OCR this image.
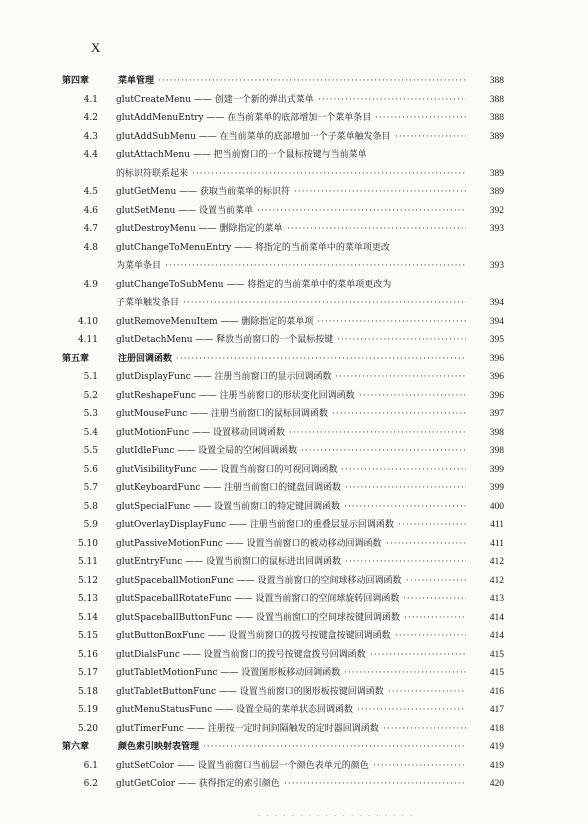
X
第四章	菜单管理	388
·····
4.1 glutCreateMenu —— 创建一个新的弹出式菜单	388
·····
4.2 glutAddMenuEntry —— 在当前菜单的底部增加一个菜单条目	388
·····
4.3 glutAddSubMenu —— 在当前菜单的底部增加一个子菜单触发条目	389
·····
4.4 glutAttachMenu —— 把当前窗口的一个鼠标按键与当前菜单
的标识符联系起来	389
·····
4.5 glutGetMenu —— 获取当前菜单的标识符	389
·····
4.6 glutSetMenu —— 设置当前菜单	392
·····
4.7 glutDestroyMenu —— 删除指定的菜单	393
·····
4.8 glutChangeToMenuEntry —— 将指定的当前菜单中的菜单项更改
为菜单条目	393
·····
4.9 glutChangeToSubMenu —— 将指定的当前菜单中的菜单项更改为
子菜单触发条目	394
·····
4.10 glutRemoveMenuItem —— 删除指定的菜单项	394
·····
4.11 glutDetachMenu —— 释放当前窗口的一个鼠标按键	395
·····
第五章	注册回调函数	396
·····
5.1 glutDisplayFunc —— 注册当前窗口的显示回调函数	396
·····
5.2 glutReshapeFunc —— 注册当前窗口的形状变化回调函数	396
·····
5.3 glutMouseFunc —— 注册当前窗口的鼠标回调函数	397
·····
5.4 glutMotionFunc —— 设置移动回调函数	398
·····
5.5 glutIdleFunc —— 设置全局的空闲回调函数	398
·····
5.6 glutVisibilityFunc —— 设置当前窗口的可视回调函数	399
·····
5.7 glutKeyboardFunc —— 注册当前窗口的键盘回调函数	399
·····
5.8 glutSpecialFunc —— 设置当前窗口的特定键回调函数	400
·····
5.9 glutOverlayDisplayFunc —— 注册当前窗口的重叠层显示回调函数	411
·····
5.10 glutPassiveMotionFunc —— 设置当前窗口的被动移动回调函数	411
·····
5.11 glutEntryFunc —— 设置当前窗口的鼠标进出回调函数	412
·····
5.12 glutSpaceballMotionFunc —— 设置当前窗口的空间球移动回调函数	412
·····
5.13 glutSpaceballRotateFunc —— 设置当前窗口的空间球旋转回调函数	413
·····
5.14 glutSpaceballButtonFunc —— 设置当前窗口的空间球按键回调函数	414
·····
5.15 glutButtonBoxFunc —— 设置当前窗口的拨号按键盒按键回调函数	414
·····
5.16 glutDialsFunc —— 设置当前窗口的拨号按键盒拨号回调函数	415
·····
5.17 glutTabletMotionFunc —— 设置图形板移动回调函数	415
·····
5.18 glutTabletButtonFunc —— 设置当前窗口的图形板按键回调函数	416
·····
5.19 glutMenuStatusFunc —— 设置全局的菜单状态回调函数	417
·····
5.20 glutTimerFunc —— 注册按一定时间间隔触发的定时器回调函数	418
·····
第六章	颜色索引映射表管理	419
·····
6.1 glutSetColor —— 设置当前窗口当前层一个颜色表单元的颜色	419
·····
6.2 glutGetColor —— 获得指定的索引颜色	420
·····
· · ·
